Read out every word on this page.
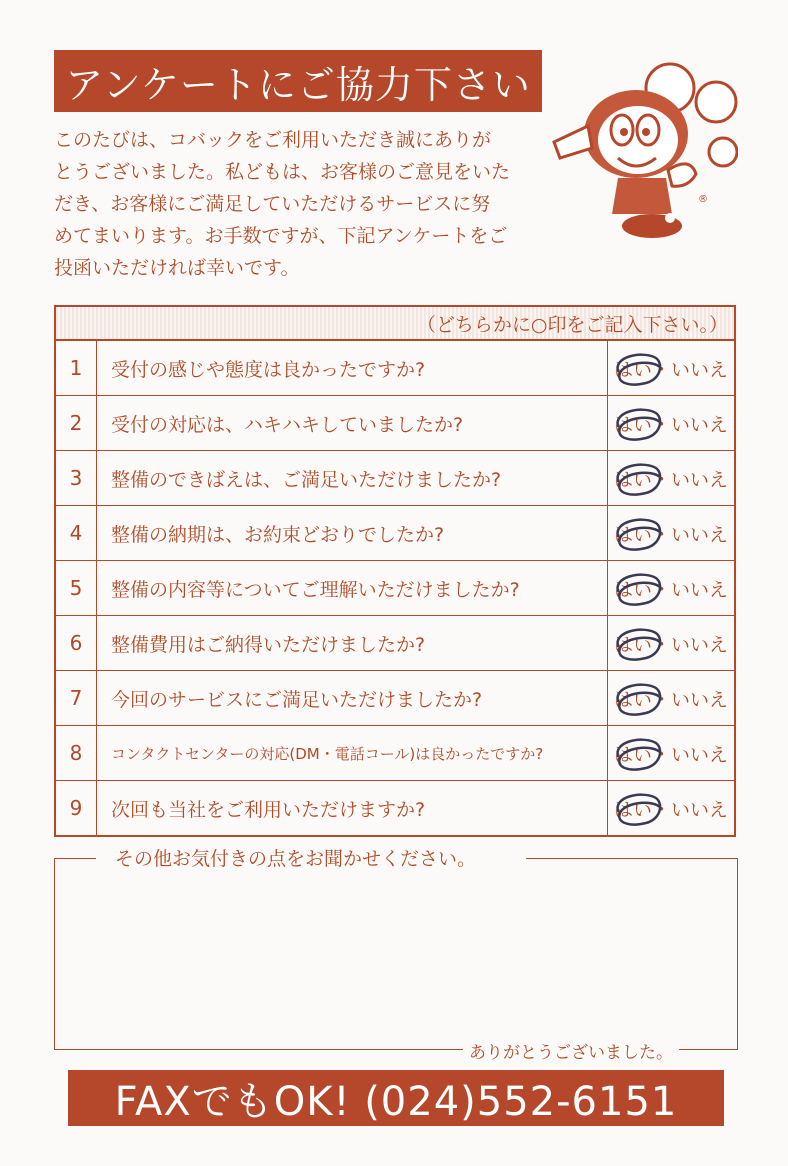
アンケートにご協力下さい
このたびは、コバックをご利用いただき誠にありが
とうございました。私どもは、お客様のご意見をいた
だき、お客様にご満足していただけるサービスに努
めてまいります。お手数ですが、下記アンケートをご
投函いただければ幸いです。
®
（どちらかに○印をご記入下さい。）
1	受付の感じや態度は良かったですか?	はい・いいえ
2	受付の対応は、ハキハキしていましたか?	はい・いいえ
3	整備のできばえは、ご満足いただけましたか?	はい・いいえ
4	整備の納期は、お約束どおりでしたか?	はい・いいえ
5	整備の内容等についてご理解いただけましたか?	はい・いいえ
6	整備費用はご納得いただけましたか?	はい・いいえ
7	今回のサービスにご満足いただけましたか?	はい・いいえ
8	コンタクトセンターの対応(DM・電話コール)は良かったですか?	はい・いいえ
9	次回も当社をご利用いただけますか?	はい・いいえ
その他お気付きの点をお聞かせください。
ありがとうございました。
FAXでもOK! (024)552-6151
